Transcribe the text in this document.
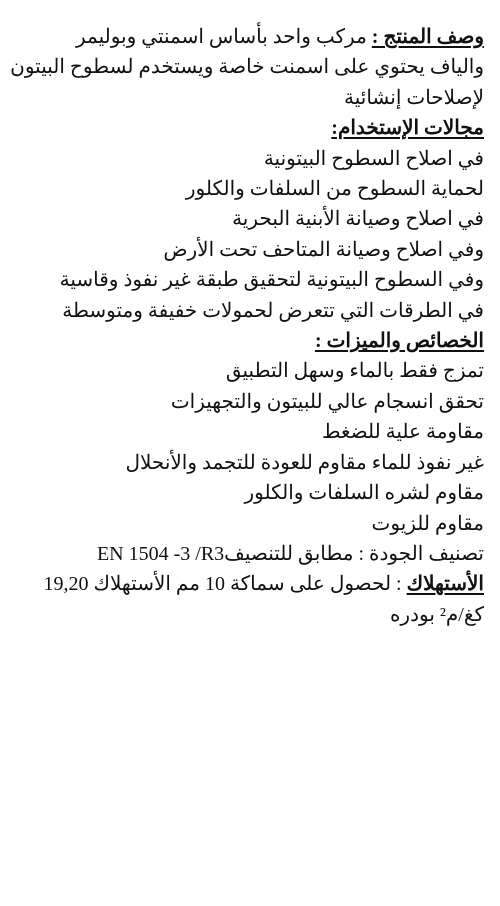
وصف المنتج : مركب واحد بأساس اسمنتي وبوليمر
والياف يحتوي على اسمنت خاصة ويستخدم لسطوح البيتون
لإصلاحات إنشائية
مجالات الإستخدام:
في اصلاح السطوح البيتونية
لحماية السطوح من السلفات والكلور
في اصلاح وصيانة الأبنية البحرية
وفي اصلاح وصيانة المتاحف تحت الأرض
وفي السطوح البيتونية لتحقيق طبقة غير نفوذ وقاسية
في الطرقات التي تتعرض لحمولات خفيفة ومتوسطة
الخصائص والميزات :
تمزج فقط بالماء وسهل التطبيق
تحقق انسجام عالي للبيتون والتجهيزات
مقاومة علية للضغط
غير نفوذ للماء مقاوم للعودة للتجمد والأنحلال
مقاوم لشره السلفات والكلور
مقاوم للزيوت
تصنيف الجودة : مطابق للتنصيفEN 1504 -3 /R3
الأستهلاك : لحصول على سماكة 10 مم الأستهلاك 19,20
كغ/م² بودره
